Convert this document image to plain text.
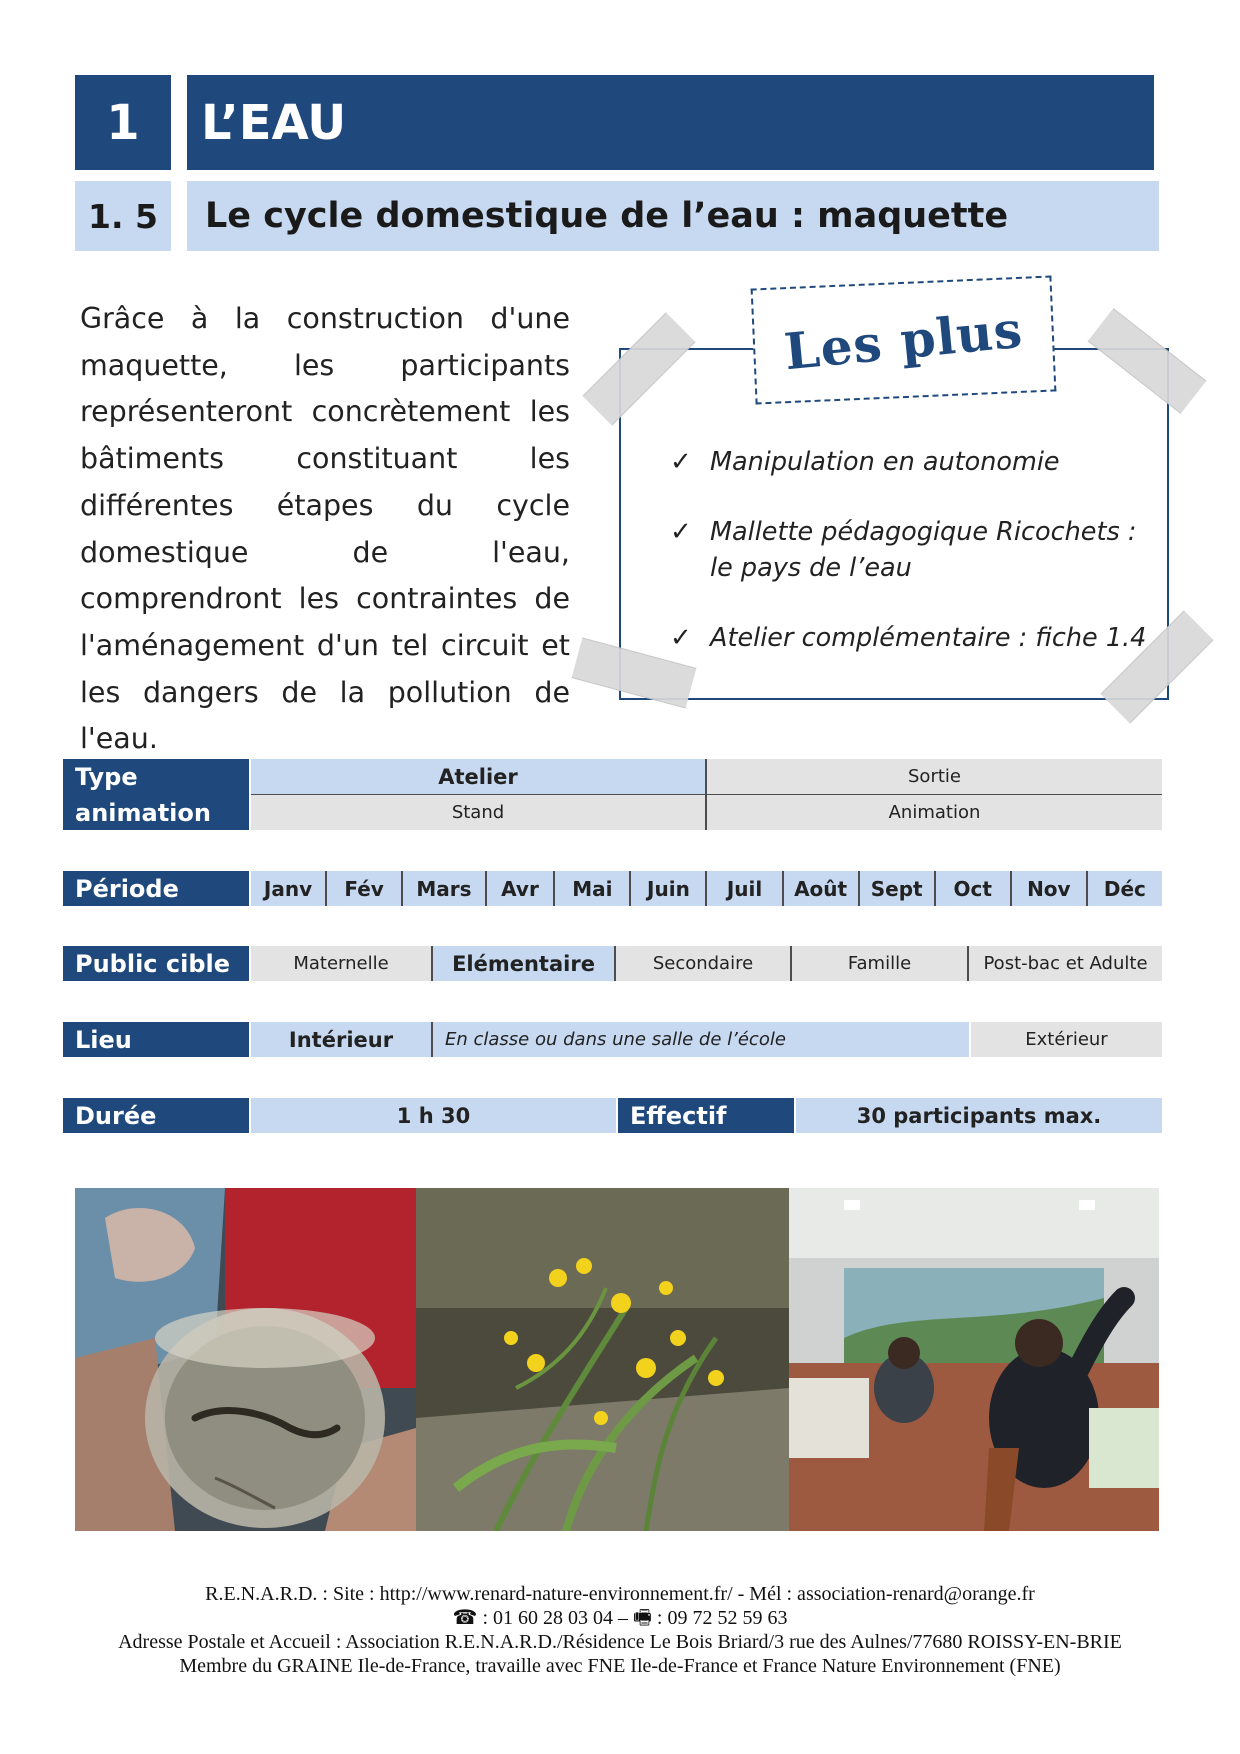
1	L’EAU
1. 5	Le cycle domestique de l’eau : maquette
Grâce à la construction d'une maquette, les participants représenteront concrètement les bâtiments constituant les différentes étapes du cycle domestique de l'eau, comprendront les contraintes de l'aménagement d'un tel circuit et les dangers de la pollution de l'eau.
Les plus
✓ Manipulation en autonomie
✓ Mallette pédagogique Ricochets : le pays de l’eau
✓ Atelier complémentaire : fiche 1.4
Type animation
Atelier	Sortie
Stand	Animation
Période	Janv	Fév	Mars	Avr	Mai	Juin	Juil	Août	Sept	Oct	Nov	Déc
Public cible	Maternelle	Elémentaire	Secondaire	Famille	Post-bac et Adulte
Lieu	Intérieur	En classe ou dans une salle de l’école	Extérieur
Durée	1 h 30	Effectif	30 participants max.
R.E.N.A.R.D. : Site : http://www.renard-nature-environnement.fr/ - Mél : association-renard@orange.fr
☎ : 01 60 28 03 04 – 🖷 : 09 72 52 59 63
Adresse Postale et Accueil : Association R.E.N.A.R.D./Résidence Le Bois Briard/3 rue des Aulnes/77680 ROISSY-EN-BRIE
Membre du GRAINE Ile-de-France, travaille avec FNE Ile-de-France et France Nature Environnement (FNE)
